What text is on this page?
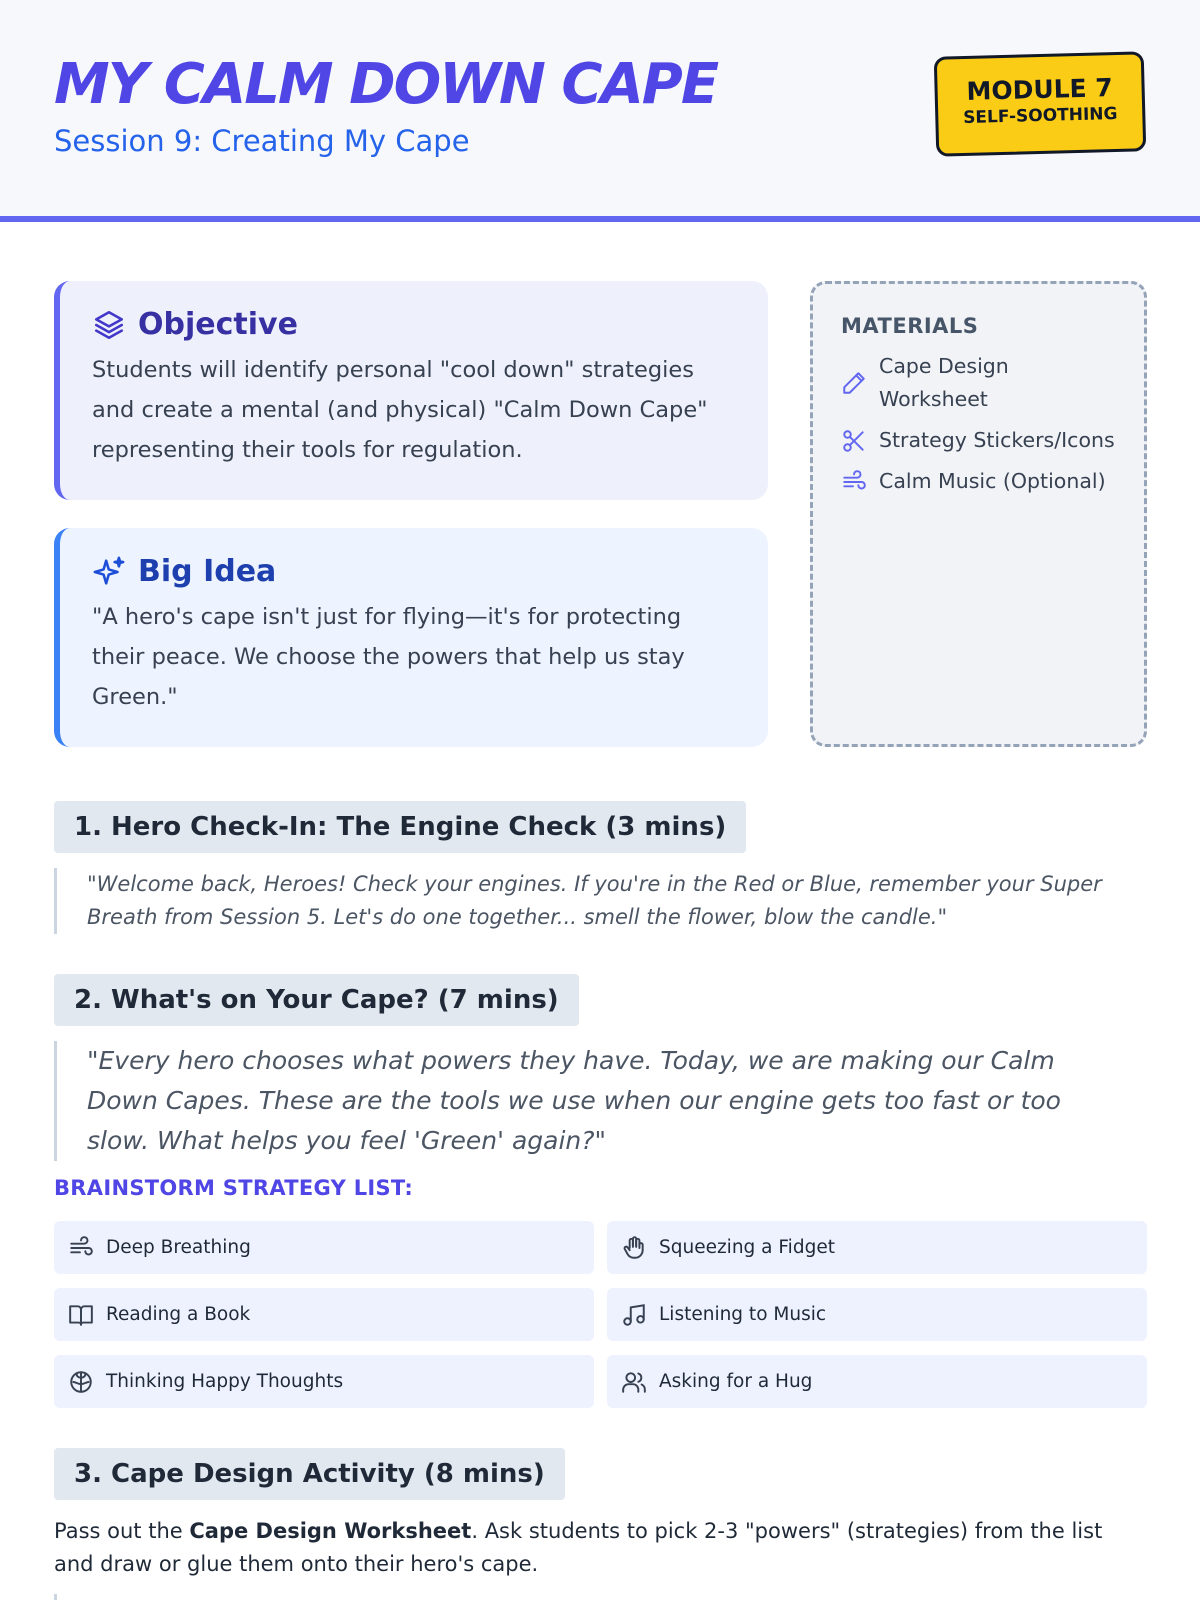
MY CALM DOWN CAPE
Session 9: Creating My Cape
MODULE 7
SELF-SOOTHING
Objective
Students will identify personal "cool down" strategies and create a mental (and physical) "Calm Down Cape" representing their tools for regulation.
Big Idea
"A hero's cape isn't just for flying—it's for protecting their peace. We choose the powers that help us stay Green."
MATERIALS
Cape Design Worksheet
Strategy Stickers/Icons
Calm Music (Optional)
1. Hero Check-In: The Engine Check (3 mins)
"Welcome back, Heroes! Check your engines. If you're in the Red or Blue, remember your Super Breath from Session 5. Let's do one together... smell the flower, blow the candle."
2. What's on Your Cape? (7 mins)
"Every hero chooses what powers they have. Today, we are making our Calm Down Capes. These are the tools we use when our engine gets too fast or too slow. What helps you feel 'Green' again?"
BRAINSTORM STRATEGY LIST:
Deep Breathing	Squeezing a Fidget
Reading a Book	Listening to Music
Thinking Happy Thoughts	Asking for a Hug
3. Cape Design Activity (8 mins)
Pass out the Cape Design Worksheet. Ask students to pick 2-3 "powers" (strategies) from the list and draw or glue them onto their hero's cape.
